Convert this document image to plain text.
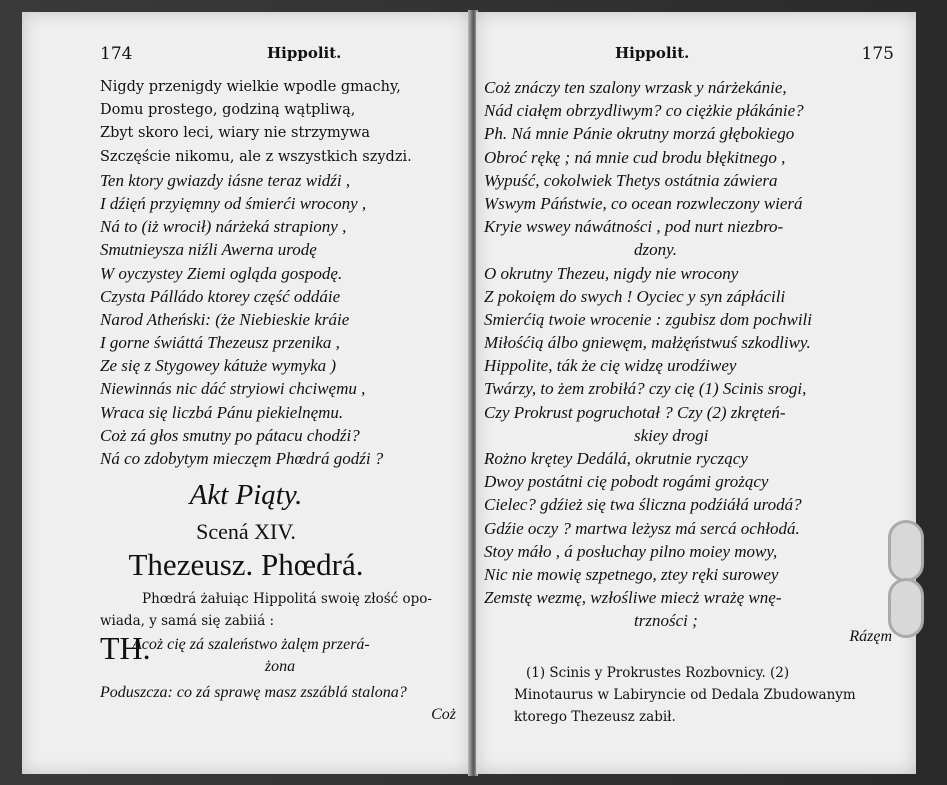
174	Hippolit.
Nigdy przenigdy wielkie wpodle gmachy,
Domu prostego, godziną wątpliwą,
Zbyt skoro leci, wiary nie strzymywa
Szczęście nikomu, ale z wszystkich szydzi.
Ten ktory gwiazdy iásne teraz widźi ,
I dźięń przyięmny od śmierći wrocony ,
Ná to (iż wrocił) nárżeká strapiony ,
Smutnieysza niźli Awerna urodę
W oyczystey Ziemi ogląda gospodę.
Czysta Pálládo ktorey część oddáie
Narod Atheński: (że Niebieskie kráie
I gorne świáttá Thezeusz przenika ,
Ze się z Stygowey kátuże wymyka )
Niewinnás nic dáć stryiowi chciwęmu ,
Wraca się liczbá Pánu piekielnęmu.
Coż zá głos smutny po pátacu chodźi?
Ná co zdobytym mieczęm Phœdrá godźi ?
Akt Piąty.
Scená XIV.
Thezeusz. Phœdrá.
Phœdrá żałuiąc Hippolitá swoię złość opo-
wiada, y samá się zabiiá :
TH.
Acoż cię zá szaleństwo żalęm przerá-
żona
Poduszcza: co zá sprawę masz zszáblá stalona?
Coż
Hippolit.	175
Coż znáczy ten szalony wrzask y nárżekánie,
Nád ciałęm obrzydliwym? co ciężkie płákánie?
Ph. Ná mnie Pánie okrutny morzá głębokiego
Obroć rękę ; ná mnie cud brodu błękitnego ,
Wypuść, cokolwiek Thetys ostátnia záwiera
Wswym Páństwie, co ocean rozwleczony wierá
Kryie wswey náwátności , pod nurt niezbro-
dzony.
O okrutny Thezeu, nigdy nie wrocony
Z pokoięm do swych ! Oyciec y syn zápłácili
Smierćią twoie wrocenie : zgubisz dom pochwili
Miłośćią álbo gniewęm, małżęństwuś szkodliwy.
Hippolite, ták że cię widzę urodźiwey
Twárzy, to żem zrobiłá? czy cię (1) Scinis srogi,
Czy Prokrust pogruchotał ? Czy (2) zkręteń-
skiey drogi
Rożno krętey Dedálá, okrutnie ryczący
Dwoy postátni cię pobodt rogámi grożący
Cielec? gdźież się twa śliczna podźiáłá urodá?
Gdźie oczy ? martwa leżysz má sercá ochłodá.
Stoy máło , á posłuchay pilno moiey mowy,
Nic nie mowię szpetnego, ztey ręki surowey
Zemstę wezmę, wzłośliwe miecż wrażę wnę-
trzności ;
Rázęm
(1) Scinis y Prokrustes Rozbovnicy. (2)
Minotaurus w Labiryncie od Dedala Zbudowanym ktorego Thezeusz zabił.
